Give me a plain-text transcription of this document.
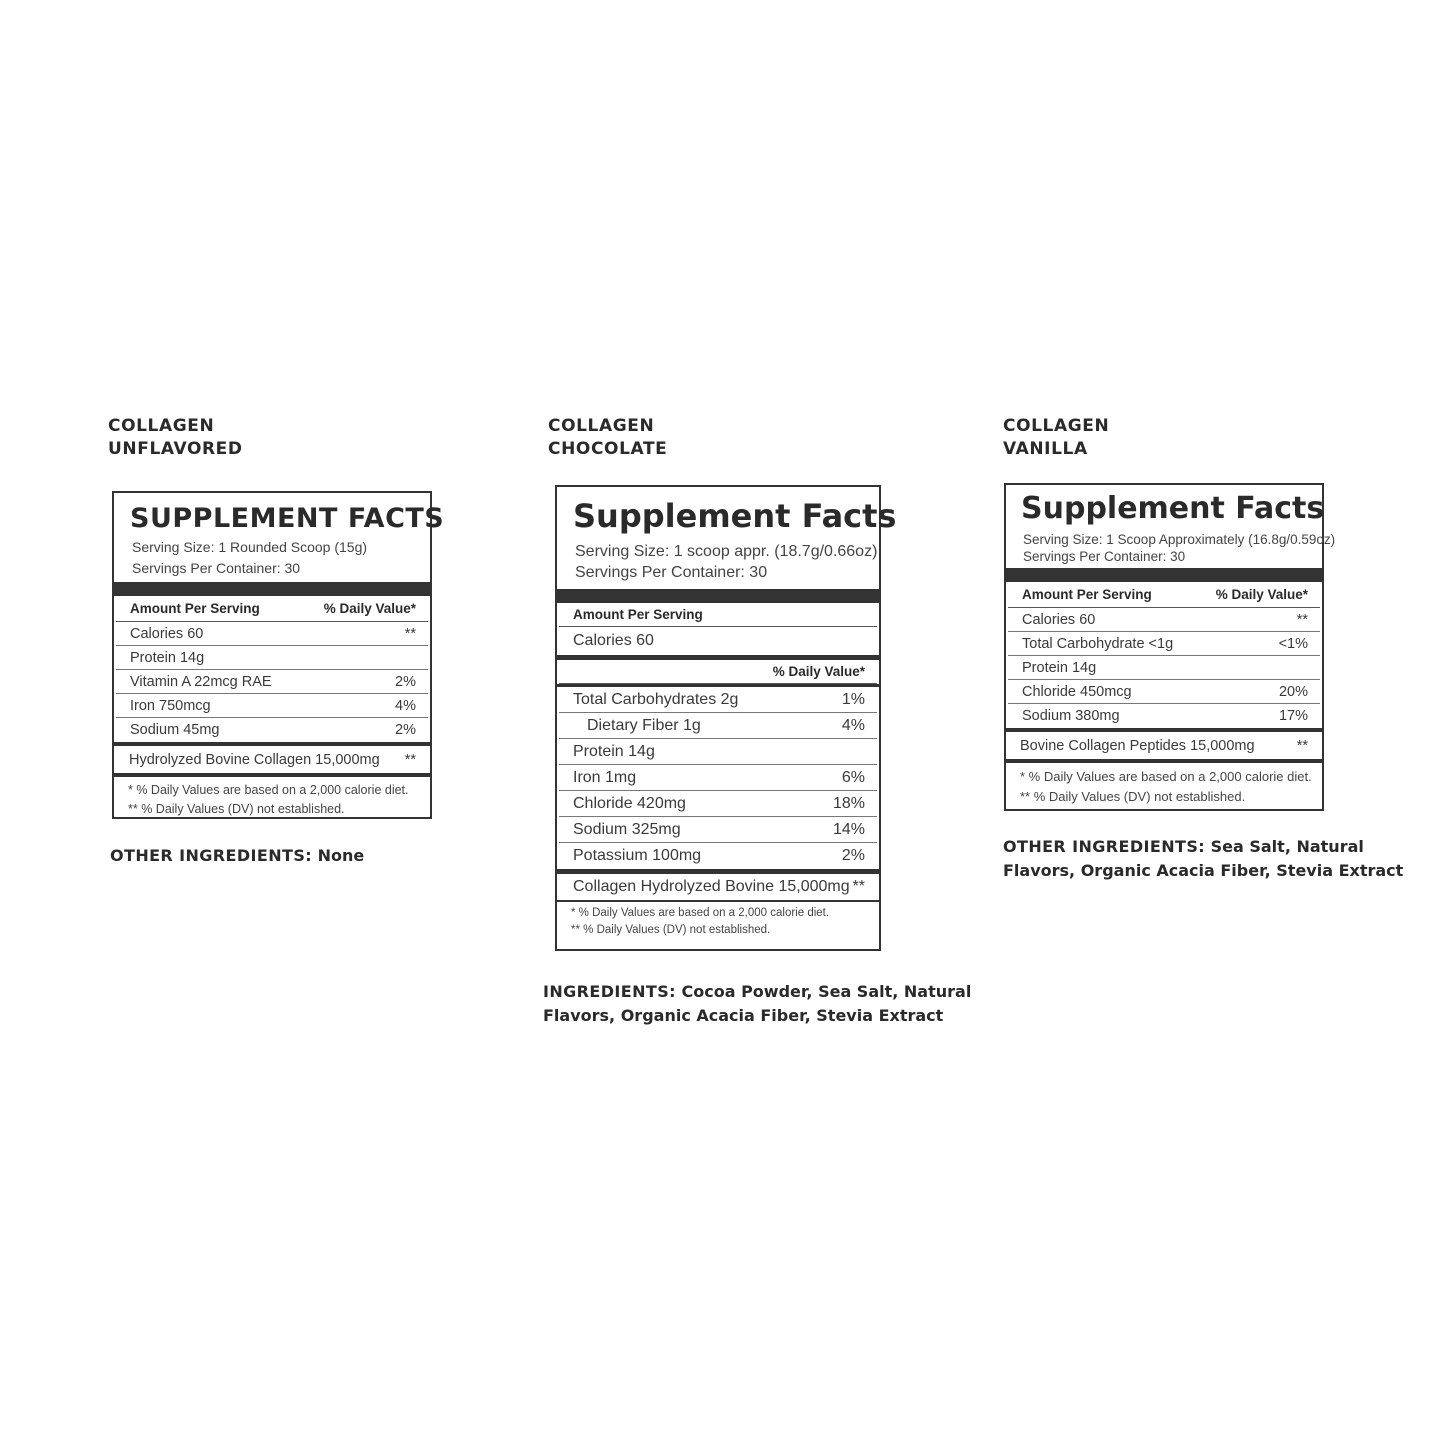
COLLAGEN
UNFLAVORED
COLLAGEN
CHOCOLATE
COLLAGEN
VANILLA
SUPPLEMENT FACTS
Serving Size: 1 Rounded Scoop (15g)
Servings Per Container: 30
Amount Per Serving	% Daily Value*
Calories 60	**
Protein 14g
Vitamin A 22mcg RAE	2%
Iron 750mcg	4%
Sodium 45mg	2%
Hydrolyzed Bovine Collagen 15,000mg **
* % Daily Values are based on a 2,000 calorie diet.
** % Daily Values (DV) not established.
Supplement Facts
Serving Size: 1 scoop appr. (18.7g/0.66oz)
Servings Per Container: 30
Amount Per Serving
Calories 60
% Daily Value*
Total Carbohydrates 2g	1%
Dietary Fiber 1g	4%
Protein 14g
Iron 1mg	6%
Chloride 420mg	18%
Sodium 325mg	14%
Potassium 100mg	2%
Collagen Hydrolyzed Bovine 15,000mg **
* % Daily Values are based on a 2,000 calorie diet.
** % Daily Values (DV) not established.
Supplement Facts
Serving Size: 1 Scoop Approximately (16.8g/0.59oz)
Servings Per Container: 30
Amount Per Serving	% Daily Value*
Calories 60	**
Total Carbohydrate <1g	<1%
Protein 14g
Chloride 450mcg	20%
Sodium 380mg	17%
Bovine Collagen Peptides 15,000mg	**
* % Daily Values are based on a 2,000 calorie diet.
** % Daily Values (DV) not established.
OTHER INGREDIENTS: None
INGREDIENTS: Cocoa Powder, Sea Salt, Natural
Flavors, Organic Acacia Fiber, Stevia Extract
OTHER INGREDIENTS: Sea Salt, Natural
Flavors, Organic Acacia Fiber, Stevia Extract
